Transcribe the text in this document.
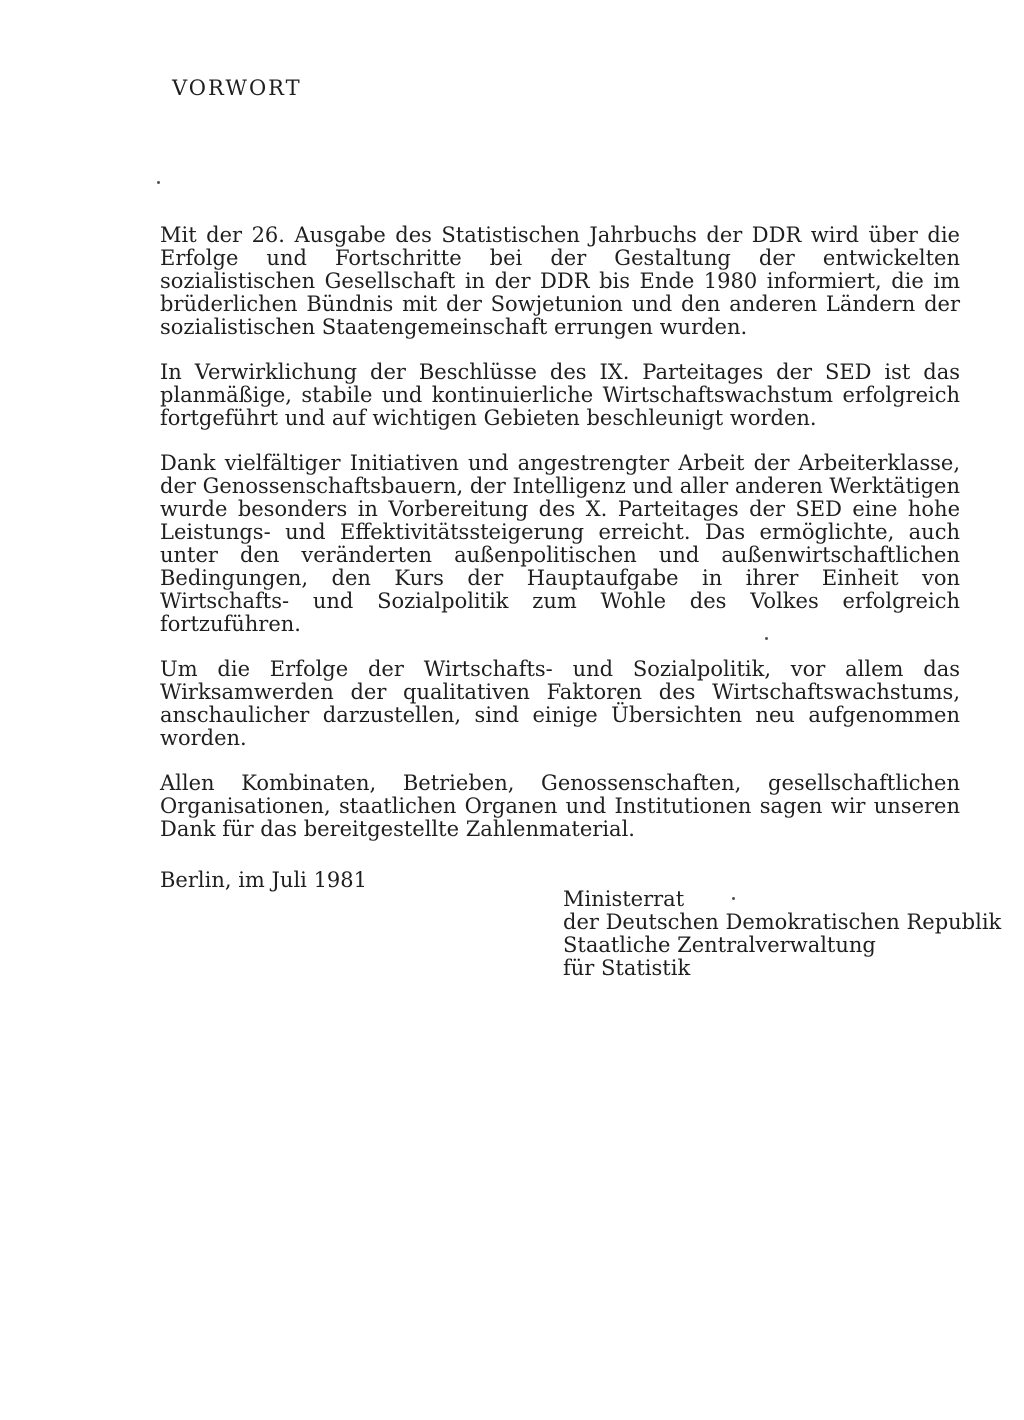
VORWORT

Mit der 26. Ausgabe des Statistischen Jahrbuchs der DDR wird über die Erfolge und Fortschritte bei der Gestaltung der entwickelten sozialistischen Gesellschaft in der DDR bis Ende 1980 informiert, die im brüderlichen Bündnis mit der Sowjetunion und den anderen Ländern der sozialistischen Staatengemeinschaft errungen wurden.

In Verwirklichung der Beschlüsse des IX. Parteitages der SED ist das planmäßige, stabile und kontinuierliche Wirtschaftswachstum erfolgreich fortgeführt und auf wichtigen Gebieten beschleunigt worden.

Dank vielfältiger Initiativen und angestrengter Arbeit der Arbeiterklasse, der Genossenschaftsbauern, der Intelligenz und aller anderen Werktätigen wurde besonders in Vorbereitung des X. Parteitages der SED eine hohe Leistungs- und Effektivitätssteigerung erreicht. Das ermöglichte, auch unter den veränderten außenpolitischen und außenwirtschaftlichen Bedingungen, den Kurs der Hauptaufgabe in ihrer Einheit von Wirtschafts- und Sozialpolitik zum Wohle des Volkes erfolgreich fortzuführen.

Um die Erfolge der Wirtschafts- und Sozialpolitik, vor allem das Wirksamwerden der qualitativen Faktoren des Wirtschaftswachstums, anschaulicher darzustellen, sind einige Übersichten neu aufgenommen worden.

Allen Kombinaten, Betrieben, Genossenschaften, gesellschaftlichen Organisationen, staatlichen Organen und Institutionen sagen wir unseren Dank für das bereitgestellte Zahlenmaterial.

Berlin, im Juli 1981

Ministerrat
der Deutschen Demokratischen Republik
Staatliche Zentralverwaltung
für Statistik
